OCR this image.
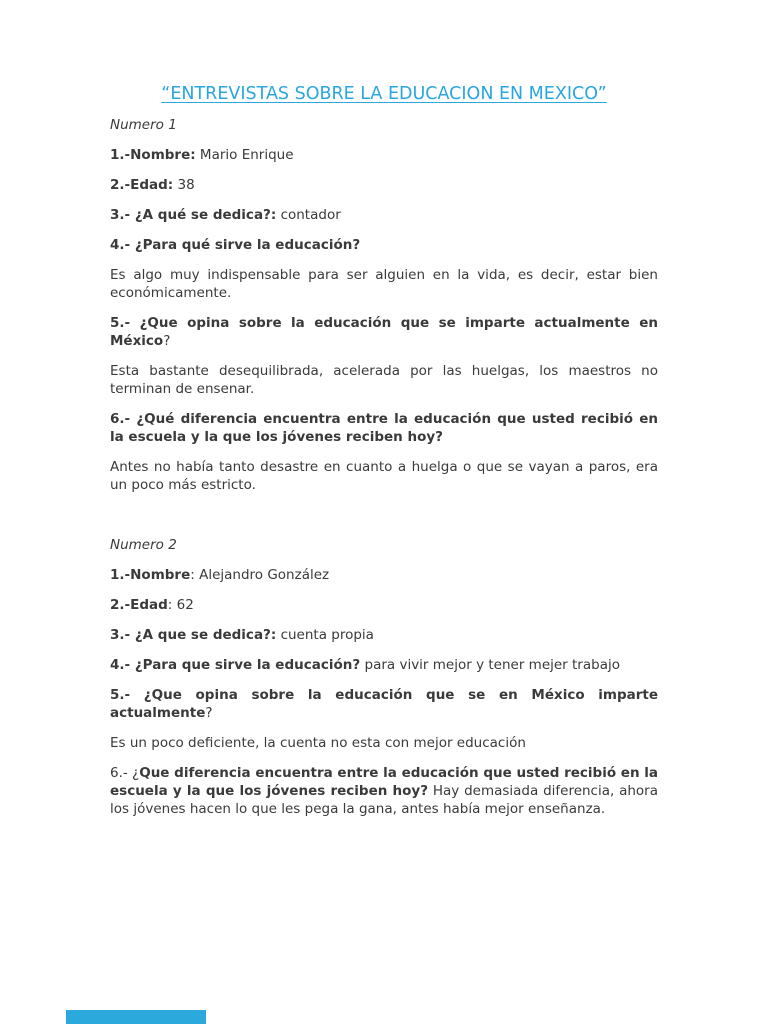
“ENTREVISTAS SOBRE LA EDUCACION EN MEXICO”

Numero 1

1.-Nombre: Mario Enrique

2.-Edad: 38

3.- ¿A qué se dedica?: contador

4.- ¿Para qué sirve la educación?

Es algo muy indispensable para ser alguien en la vida, es decir, estar bien económicamente.

5.- ¿Que opina sobre la educación que se imparte actualmente en México?

Esta bastante desequilibrada, acelerada por las huelgas, los maestros no terminan de ensenar.

6.- ¿Qué diferencia encuentra entre la educación que usted recibió en la escuela y la que los jóvenes reciben hoy?

Antes no había tanto desastre en cuanto a huelga o que se vayan a paros, era un poco más estricto.

Numero 2

1.-Nombre: Alejandro González

2.-Edad: 62

3.- ¿A que se dedica?: cuenta propia

4.- ¿Para que sirve la educación? para vivir mejor y tener mejer trabajo

5.- ¿Que opina sobre la educación que se en México imparte actualmente?

Es un poco deficiente, la cuenta no esta con mejor educación

6.- ¿Que diferencia encuentra entre la educación que usted recibió en la escuela y la que los jóvenes reciben hoy? Hay demasiada diferencia, ahora los jóvenes hacen lo que les pega la gana, antes había mejor enseñanza.
